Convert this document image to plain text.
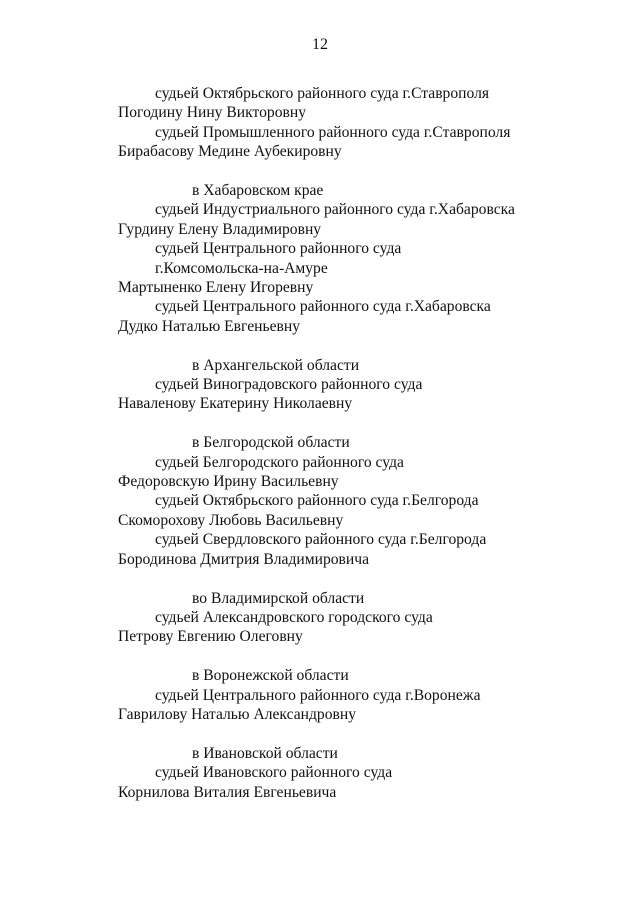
12
судьей Октябрьского районного суда г.Ставрополя
Погодину Нину Викторовну
судьей Промышленного районного суда г.Ставрополя
Бирабасову Медине Аубекировну
в Хабаровском крае
судьей Индустриального районного суда г.Хабаровска
Гурдину Елену Владимировну
судьей Центрального районного суда
г.Комсомольска-на-Амуре
Мартыненко Елену Игоревну
судьей Центрального районного суда г.Хабаровска
Дудко Наталью Евгеньевну
в Архангельской области
судьей Виноградовского районного суда
Наваленову Екатерину Николаевну
в Белгородской области
судьей Белгородского районного суда
Федоровскую Ирину Васильевну
судьей Октябрьского районного суда г.Белгорода
Скоморохову Любовь Васильевну
судьей Свердловского районного суда г.Белгорода
Бородинова Дмитрия Владимировича
во Владимирской области
судьей Александровского городского суда
Петрову Евгению Олеговну
в Воронежской области
судьей Центрального районного суда г.Воронежа
Гаврилову Наталью Александровну
в Ивановской области
судьей Ивановского районного суда
Корнилова Виталия Евгеньевича
